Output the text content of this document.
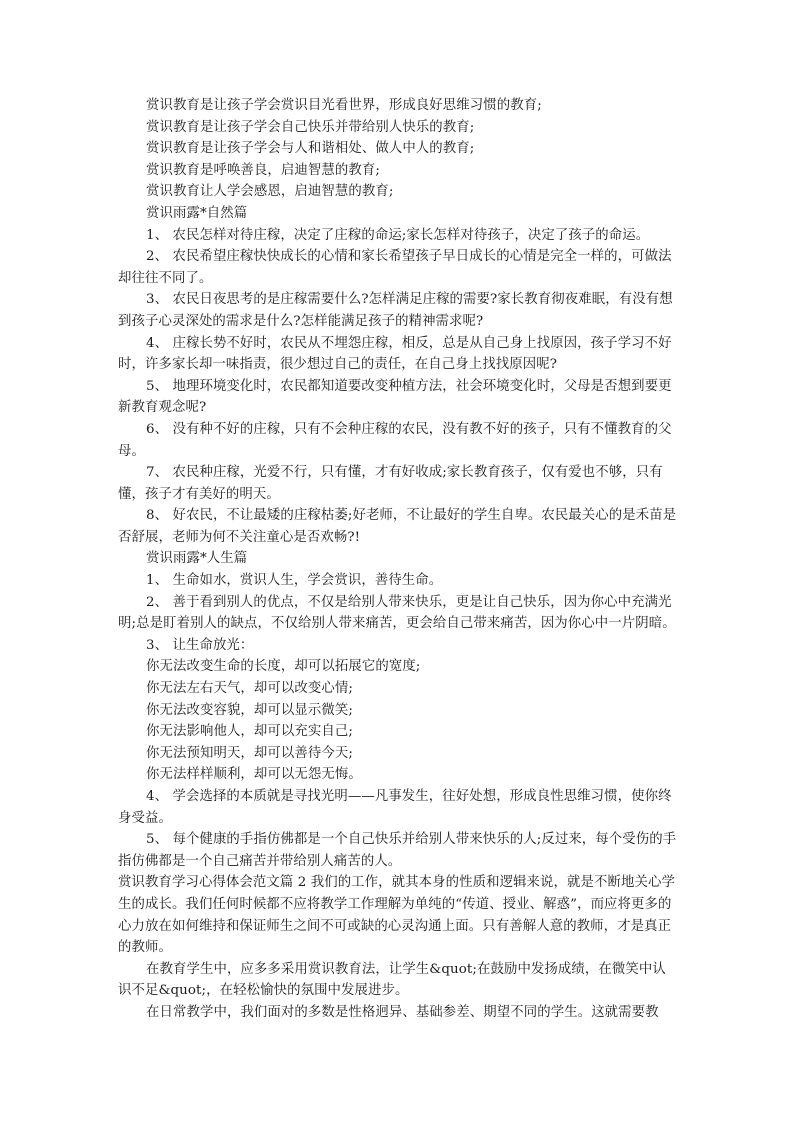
赏识教育是让孩子学会赏识目光看世界，形成良好思维习惯的教育;

赏识教育是让孩子学会自己快乐并带给别人快乐的教育;

赏识教育是让孩子学会与人和谐相处、做人中人的教育;

赏识教育是呼唤善良，启迪智慧的教育;

赏识教育让人学会感恩，启迪智慧的教育;

赏识雨露*自然篇

1、 农民怎样对待庄稼，决定了庄稼的命运;家长怎样对待孩子，决定了孩子的命运。

2、 农民希望庄稼快快成长的心情和家长希望孩子早日成长的心情是完全一样的，可做法却往往不同了。

3、 农民日夜思考的是庄稼需要什么?怎样满足庄稼的需要?家长教育彻夜难眠，有没有想到孩子心灵深处的需求是什么?怎样能满足孩子的精神需求呢?

4、 庄稼长势不好时，农民从不埋怨庄稼，相反，总是从自己身上找原因，孩子学习不好时，许多家长却一味指责，很少想过自己的责任，在自己身上找找原因呢?

5、 地理环境变化时，农民都知道要改变种植方法，社会环境变化时，父母是否想到要更新教育观念呢?

6、 没有种不好的庄稼，只有不会种庄稼的农民，没有教不好的孩子，只有不懂教育的父母。

7、 农民种庄稼，光爱不行，只有懂，才有好收成;家长教育孩子，仅有爱也不够，只有懂，孩子才有美好的明天。

8、 好农民，不让最矮的庄稼枯萎;好老师，不让最好的学生自卑。农民最关心的是禾苗是否舒展，老师为何不关注童心是否欢畅?!

赏识雨露*人生篇

1、 生命如水，赏识人生，学会赏识，善待生命。

2、 善于看到别人的优点，不仅是给别人带来快乐，更是让自己快乐，因为你心中充满光明;总是盯着别人的缺点，不仅给别人带来痛苦，更会给自己带来痛苦，因为你心中一片阴暗。

3、 让生命放光：

你无法改变生命的长度，却可以拓展它的宽度;

你无法左右天气，却可以改变心情;

你无法改变容貌，却可以显示微笑;

你无法影响他人，却可以充实自己;

你无法预知明天，却可以善待今天;

你无法样样顺利，却可以无怨无悔。

4、 学会选择的本质就是寻找光明——凡事发生，往好处想，形成良性思维习惯，使你终身受益。

5、 每个健康的手指仿佛都是一个自己快乐并给别人带来快乐的人;反过来，每个受伤的手指仿佛都是一个自己痛苦并带给别人痛苦的人。

赏识教育学习心得体会范文篇 2 我们的工作，就其本身的性质和逻辑来说，就是不断地关心学生的成长。我们任何时候都不应将教学工作理解为单纯的“传道、授业、解惑”，而应将更多的心力放在如何维持和保证师生之间不可或缺的心灵沟通上面。只有善解人意的教师，才是真正的教师。

在教育学生中，应多多采用赏识教育法，让学生&quot;在鼓励中发扬成绩，在微笑中认识不足&quot;，在轻松愉快的氛围中发展进步。

在日常教学中，我们面对的多数是性格迥异、基础参差、期望不同的学生。这就需要教
